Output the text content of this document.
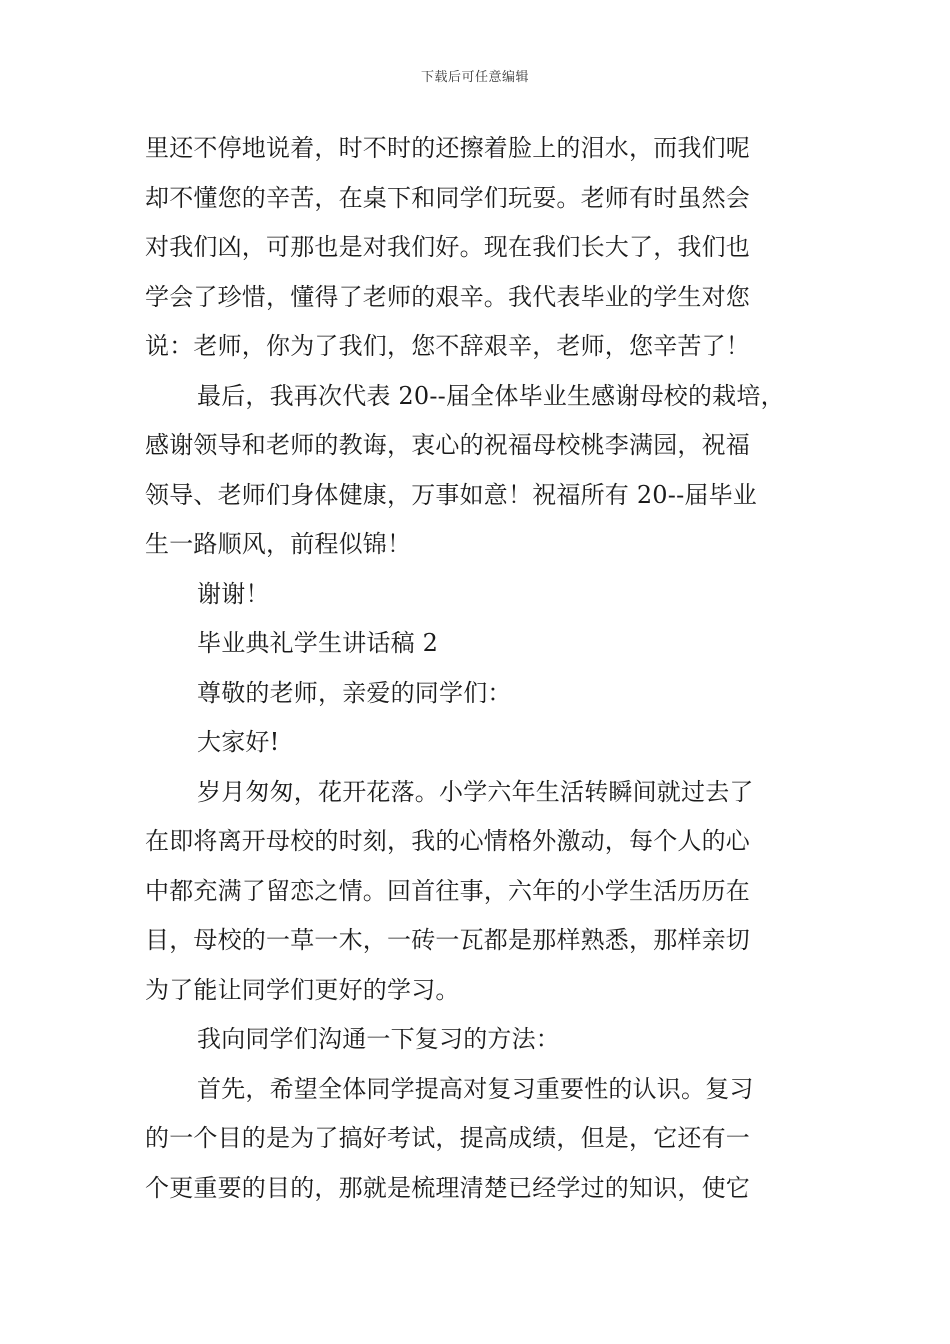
下载后可任意编辑
里还不停地说着，时不时的还擦着脸上的泪水，而我们呢
却不懂您的辛苦，在桌下和同学们玩耍。老师有时虽然会
对我们凶，可那也是对我们好。现在我们长大了，我们也
学会了珍惜，懂得了老师的艰辛。我代表毕业的学生对您
说：老师，你为了我们，您不辞艰辛，老师，您辛苦了！
最后，我再次代表 20--届全体毕业生感谢母校的栽培，
感谢领导和老师的教诲，衷心的祝福母校桃李满园，祝福
领导、老师们身体健康，万事如意！祝福所有 20--届毕业
生一路顺风，前程似锦！
谢谢！
毕业典礼学生讲话稿 2
尊敬的老师，亲爱的同学们：
大家好!
岁月匆匆，花开花落。小学六年生活转瞬间就过去了
在即将离开母校的时刻，我的心情格外激动，每个人的心
中都充满了留恋之情。回首往事，六年的小学生活历历在
目，母校的一草一木，一砖一瓦都是那样熟悉，那样亲切
为了能让同学们更好的学习。
我向同学们沟通一下复习的方法：
首先，希望全体同学提高对复习重要性的认识。复习
的一个目的是为了搞好考试，提高成绩，但是，它还有一
个更重要的目的，那就是梳理清楚已经学过的知识，使它
